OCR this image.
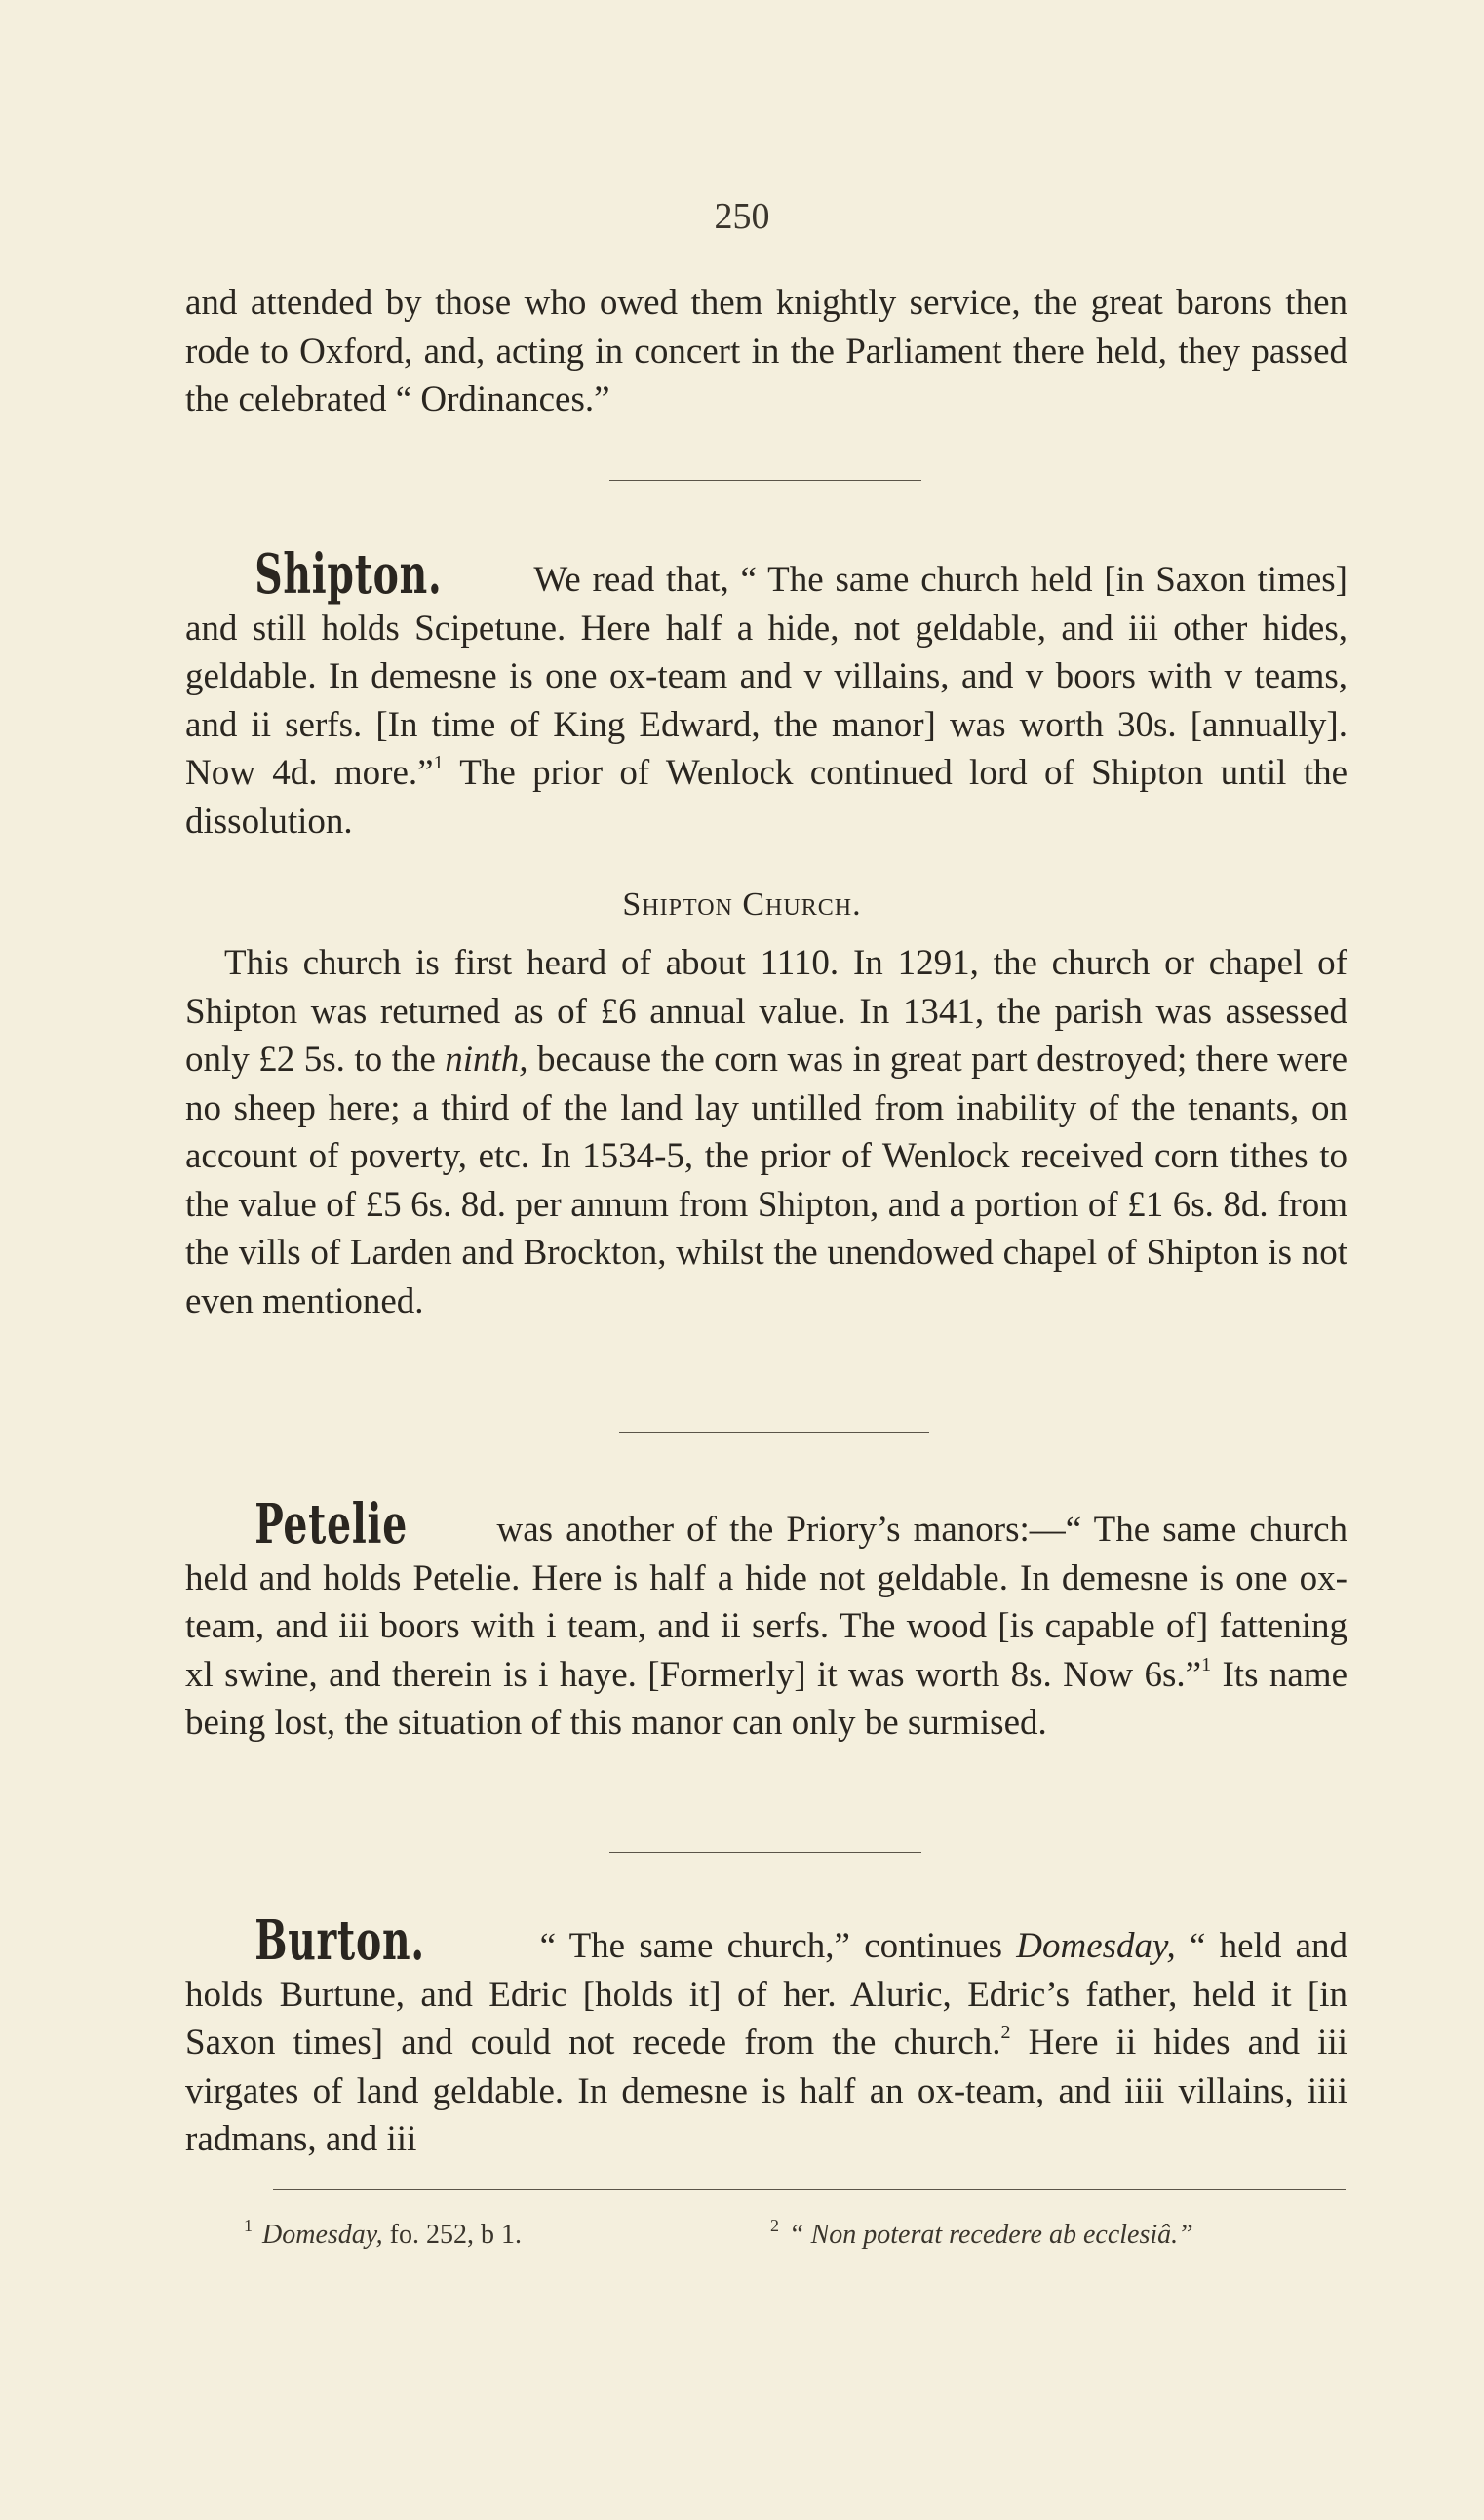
250

and attended by those who owed them knightly service, the great barons then rode to Oxford, and, acting in concert in the Parliament there held, they passed the celebrated “ Ordinances.”

Shipton.	We read that, “ The same church held [in Saxon times] and still holds Scipetune. Here half a hide, not geldable, and iii other hides, geldable. In demesne is one ox-team and v villains, and v boors with v teams, and ii serfs. [In time of King Edward, the manor] was worth 30s. [annually]. Now 4d. more.”$^1$ The prior of Wenlock continued lord of Shipton until the dissolution.

Shipton Church.

This church is first heard of about 1110. In 1291, the church or chapel of Shipton was returned as of £6 annual value. In 1341, the parish was assessed only £2 5s. to the ninth, because the corn was in great part destroyed; there were no sheep here; a third of the land lay untilled from inability of the tenants, on account of poverty, etc. In 1534-5, the prior of Wenlock received corn tithes to the value of £5 6s. 8d. per annum from Shipton, and a portion of £1 6s. 8d. from the vills of Larden and Brockton, whilst the unendowed chapel of Shipton is not even mentioned.

Petelie      was another of the Priory’s manors:—“ The same church held and holds Petelie. Here is half a hide not geldable. In demesne is one ox-team, and iii boors with i team, and ii serfs. The wood [is capable of] fattening xl swine, and therein is i haye. [Formerly] it was worth 8s. Now 6s.”$^1$ Its name being lost, the situation of this manor can only be surmised.

Burton.	“ The same church,” continues Domesday, “ held and holds Burtune, and Edric [holds it] of her. Aluric, Edric’s father, held it [in Saxon times] and could not recede from the church.$^2$ Here ii hides and iii virgates of land geldable. In demesne is half an ox-team, and iiii villains, iiii radmans, and iii

$^1$ Domesday, fo. 252, b 1.	$^2$ “ Non poterat recedere ab ecclesiâ.”
